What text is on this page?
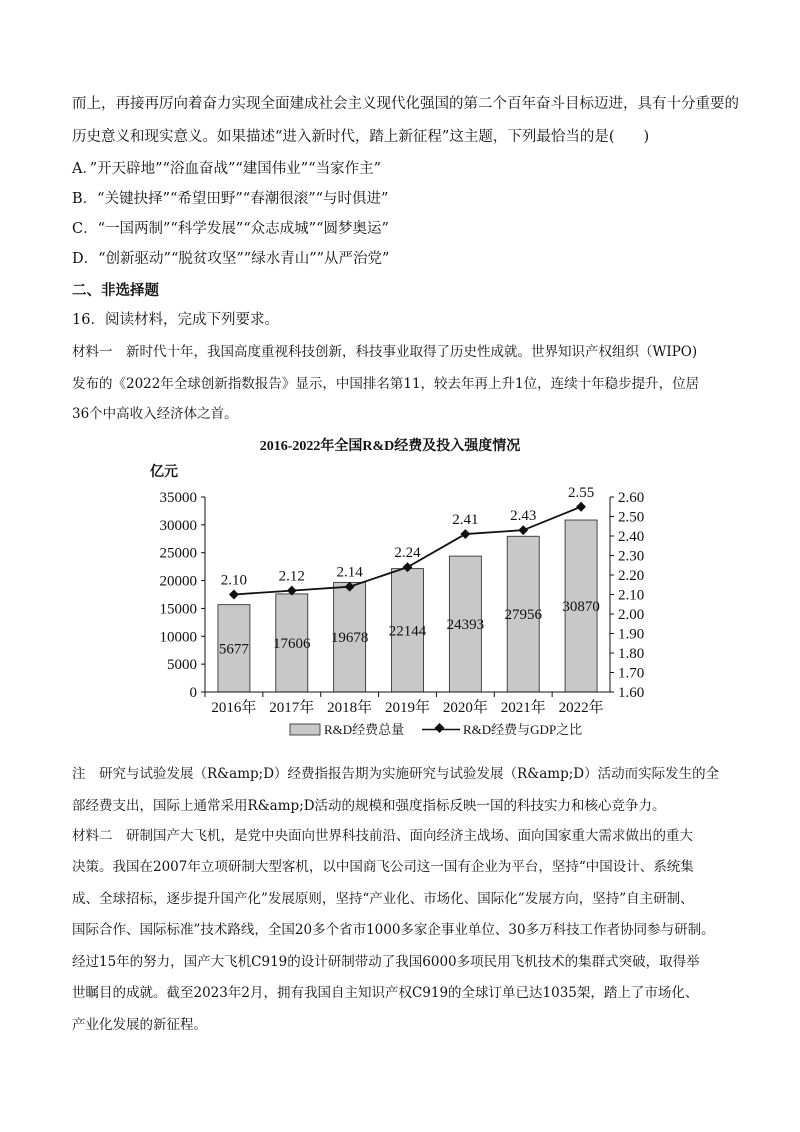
而上，再接再厉向着奋力实现全面建成社会主义现代化强国的第二个百年奋斗目标迈进，具有十分重要的
历史意义和现实意义。如果描述“进入新时代，踏上新征程”这主题，下列最恰当的是(　　)
A．”开天辟地”“浴血奋战”“建国伟业”“当家作主”
B．“关键抉择”“希望田野”“春潮很滚”“与时俱进”
C．“一国两制”“科学发展”“众志成城”“圆梦奥运”
D．“创新驱动”“脱贫攻坚””绿水青山””从严治党”
二、非选择题
16．阅读材料，完成下列要求。
材料一　新时代十年，我国高度重视科技创新，科技事业取得了历史性成就。世界知识产权组织（WIPO)
发布的《2022年全球创新指数报告》显示，中国排名第11，较去年再上升1位，连续十年稳步提升，位居
36个中高收入经济体之首。
2016-2022年全国R&D经费及投入强度情况
亿元
0
5000
10000
15000
20000
25000
30000
35000
1.60
1.70
1.80
1.90
2.00
2.10
2.20
2.30
2.40
2.50
2.60
2016年 2017年 2018年 2019年 2020年 2021年 2022年
5677 17606 19678 22144 24393
27956
30870
2.10 2.12 2.14
2.24
2.41 2.43
2.55
R&D经费总量	R&D经费与GDP之比
注　研究与试验发展（R&amp;D）经费指报告期为实施研究与试验发展（R&amp;D）活动而实际发生的全
部经费支出，国际上通常采用R&amp;D活动的规模和强度指标反映一国的科技实力和核心竞争力。
材料二　研制国产大飞机，是党中央面向世界科技前沿、面向经济主战场、面向国家重大需求做出的重大
决策。我国在2007年立项研制大型客机，以中国商飞公司这一国有企业为平台，坚持“中国设计、系统集
成、全球招标，逐步提升国产化”发展原则，坚持“产业化、市场化、国际化”发展方向，坚持”自主研制、
国际合作、国际标准”技术路线，全国20多个省市1000多家企事业单位、30多万科技工作者协同参与研制。
经过15年的努力，国产大飞机C919的设计研制带动了我国6000多项民用飞机技术的集群式突破，取得举
世瞩目的成就。截至2023年2月，拥有我国自主知识产权C919的全球订单已达1035架，踏上了市场化、
产业化发展的新征程。
